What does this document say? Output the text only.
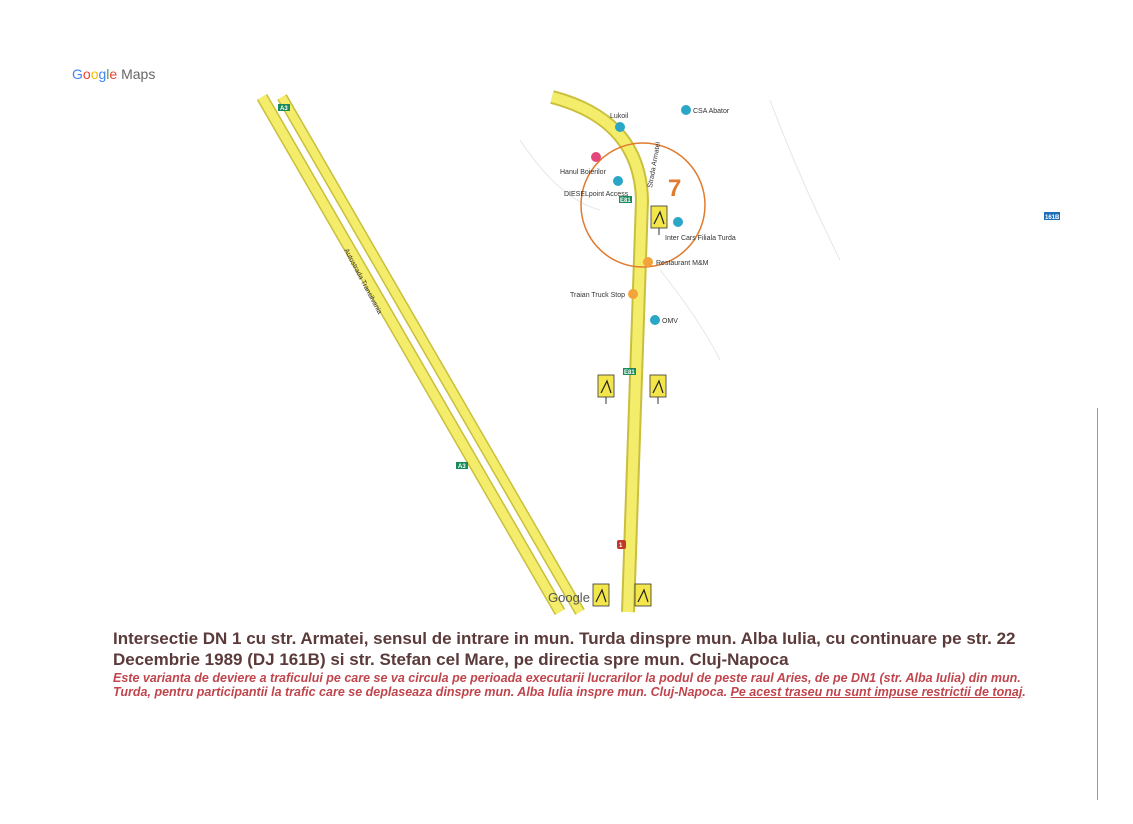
Google Maps
7
A3
A3
E81
E81
1
161B
Strada Armatei
Autostrada Transilvania
Lukoil
CSA Abator
Hanul Boierilor
DIESELpoint Access
Inter Cars Filiala Turda
Restaurant M&M
Traian Truck Stop
OMV
Google

Intersectie DN 1 cu str. Armatei, sensul de intrare in mun. Turda dinspre mun. Alba Iulia, cu continuare pe str. 22 Decembrie 1989 (DJ 161B) si str. Stefan cel Mare, pe directia spre mun. Cluj-Napoca

Este varianta de deviere a traficului pe care se va circula pe perioada executarii lucrarilor la podul de peste raul Aries, de pe DN1 (str. Alba Iulia) din mun. Turda, pentru participantii la trafic care se deplaseaza dinspre mun. Alba Iulia inspre mun. Cluj-Napoca. Pe acest traseu nu sunt impuse restrictii de tonaj.
